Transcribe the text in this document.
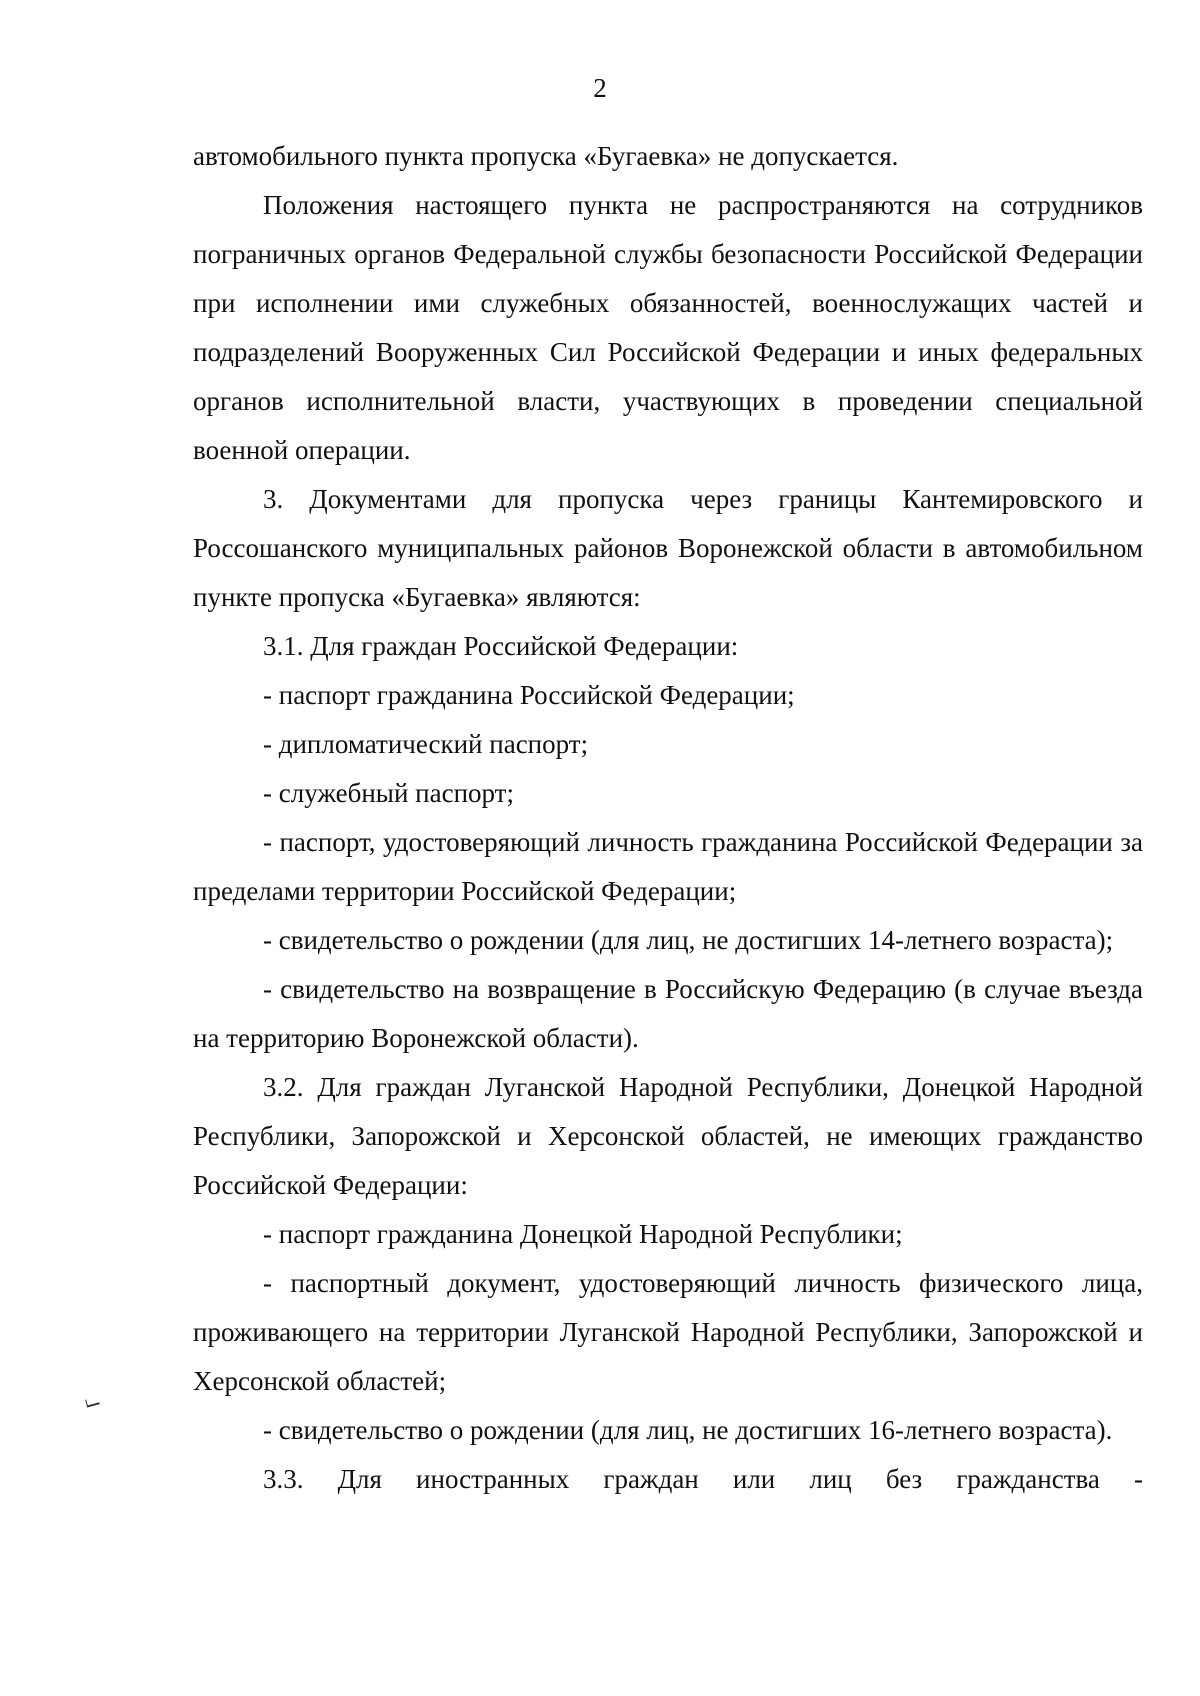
2

автомобильного пункта пропуска «Бугаевка» не допускается.

Положения настоящего пункта не распространяются на сотрудников пограничных органов Федеральной службы безопасности Российской Федерации при исполнении ими служебных обязанностей, военнослужащих частей и подразделений Вооруженных Сил Российской Федерации и иных федеральных органов исполнительной власти, участвующих в проведении специальной военной операции.

3. Документами для пропуска через границы Кантемировского и Россошанского муниципальных районов Воронежской области в автомобильном пункте пропуска «Бугаевка» являются:

3.1. Для граждан Российской Федерации:

- паспорт гражданина Российской Федерации;

- дипломатический паспорт;

- служебный паспорт;

- паспорт, удостоверяющий личность гражданина Российской Федерации за пределами территории Российской Федерации;

- свидетельство о рождении (для лиц, не достигших 14-летнего возраста);

- свидетельство на возвращение в Российскую Федерацию (в случае въезда на территорию Воронежской области).

3.2. Для граждан Луганской Народной Республики, Донецкой Народной Республики, Запорожской и Херсонской областей, не имеющих гражданство Российской Федерации:

- паспорт гражданина Донецкой Народной Республики;

- паспортный документ, удостоверяющий личность физического лица, проживающего на территории Луганской Народной Республики, Запорожской и Херсонской областей;

- свидетельство о рождении (для лиц, не достигших 16-летнего возраста).

3.3. Для иностранных граждан или лиц без гражданства -
